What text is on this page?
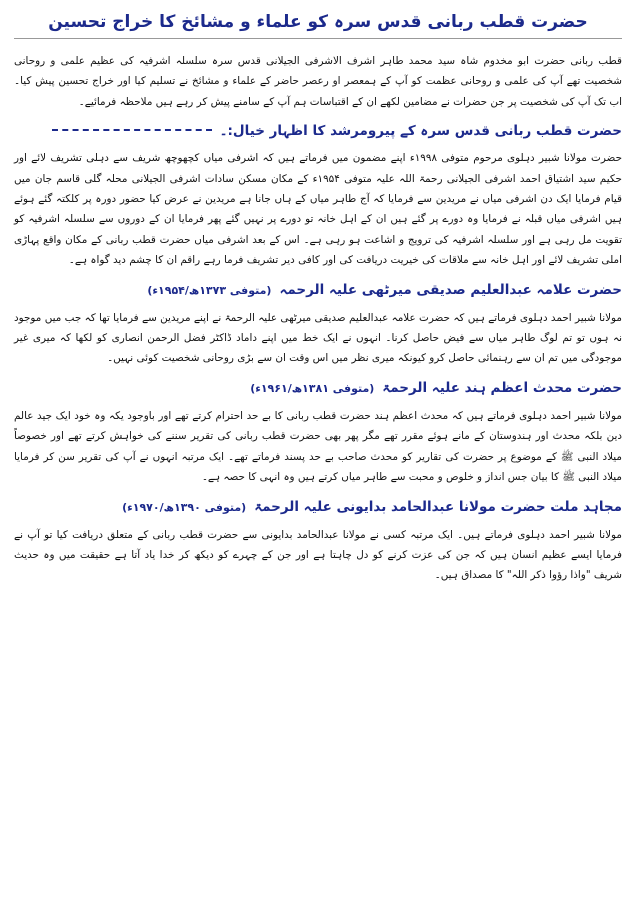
حضرت قطب ربانی قدس سرہ کو علماء و مشائخ کا خراج تحسین

قطب ربانی حضرت ابو مخدوم شاہ سید محمد طاہر اشرف الاشرفی الجیلانی قدس سرہ سلسلہ اشرفیہ کی عظیم علمی و روحانی شخصیت تھے آپ کی علمی و روحانی عظمت کو آپ کے ہمعصر او رعصر حاضر کے علماء و مشائخ نے تسلیم کیا اور خراج تحسین پیش کیا۔ اب تک آپ کی شخصیت پر جن حضرات نے مضامین لکھے ان کے اقتباسات ہم آپ کے سامنے پیش کر رہے ہیں ملاحظہ فرمائیے۔

حضرت قطب ربانی قدس سرہ کے پیرومرشد کا اظہار خیال:۔

حضرت مولانا شبیر دہلوی مرحوم متوفی ۱۹۹۸ء اپنے مضمون میں فرماتے ہیں کہ اشرفی میاں کچھوچھ شریف سے دہلی تشریف لائے اور حکیم سید اشتیاق احمد اشرفی الجیلانی رحمۃ اللہ علیہ متوفی ۱۹۵۴ء کے مکان مسکن سادات اشرفی الجیلانی محلہ گلی قاسم جان میں قیام فرمایا ایک دن اشرفی میاں نے مریدین سے فرمایا کہ آج طاہر میاں کے ہاں جانا ہے مریدین نے عرض کیا حضور دورہ پر کلکتہ گئے ہوئے ہیں اشرفی میاں قبلہ نے فرمایا وہ دورے پر گئے ہیں ان کے اہل خانہ تو دورے پر نہیں گئے پھر فرمایا ان کے دوروں سے سلسلہ اشرفیہ کو تقویت مل رہی ہے اور سلسلہ اشرفیہ کی ترویج و اشاعت ہو رہی ہے۔ اس کے بعد اشرفی میاں حضرت قطب ربانی کے مکان واقع پہاڑی املی تشریف لائے اور اہل خانہ سے ملاقات کی خیریت دریافت کی اور کافی دیر تشریف فرما رہے راقم ان کا چشم دید گواہ ہے۔

حضرت علامہ عبدالعلیم صدیقی میرٹھی علیہ الرحمہ
(متوفی ۱۳۷۳ھ/۱۹۵۴ء)

مولانا شبیر احمد دہلوی فرماتے ہیں کہ حضرت علامہ عبدالعلیم صدیقی میرٹھی علیہ الرحمۃ نے اپنے مریدین سے فرمایا تھا کہ جب میں موجود نہ ہوں تو تم لوگ طاہر میاں سے فیض حاصل کرنا۔ انہوں نے ایک خط میں اپنے داماد ڈاکٹر فضل الرحمن انصاری کو لکھا کہ میری غیر موجودگی میں تم ان سے رہنمائی حاصل کرو کیونکہ میری نظر میں اس وقت ان سے بڑی روحانی شخصیت کوئی نہیں۔

حضرت محدث اعظم ہند علیہ الرحمۃ
(متوفی ۱۳۸۱ھ/۱۹۶۱ء)

مولانا شبیر احمد دہلوی فرماتے ہیں کہ محدث اعظم ہند حضرت قطب ربانی کا بے حد احترام کرتے تھے اور باوجود یکہ وہ خود ایک جید عالم دین بلکہ محدث اور ہندوستان کے مانے ہوئے مقرر تھے مگر پھر بھی حضرت قطب ربانی کی تقریر سننے کی خواہش کرتے تھے اور خصوصاً میلاد النبی ﷺ کے موضوع پر حضرت کی تقاریر کو محدث صاحب بے حد پسند فرماتے تھے۔ ایک مرتبہ انہوں نے آپ کی تقریر سن کر فرمایا میلاد النبی ﷺ کا بیان جس انداز و خلوص و محبت سے طاہر میاں کرتے ہیں وہ انہی کا حصہ ہے۔

مجاہد ملت حضرت مولانا عبدالحامد بدایونی علیہ الرحمۃ
(متوفی ۱۳۹۰ھ/۱۹۷۰ء)

مولانا شبیر احمد دہلوی فرماتے ہیں۔ ایک مرتبہ کسی نے مولانا عبدالحامد بدایونی سے حضرت قطب ربانی کے متعلق دریافت کیا تو آپ نے فرمایا ایسے عظیم انسان ہیں کہ جن کی عزت کرنے کو دل چاہتا ہے اور جن کے چہرے کو دیکھ کر خدا یاد آتا ہے حقیقت میں وہ حدیث شریف "واذا رؤوا ذکر اللہ" کا مصداق ہیں۔
